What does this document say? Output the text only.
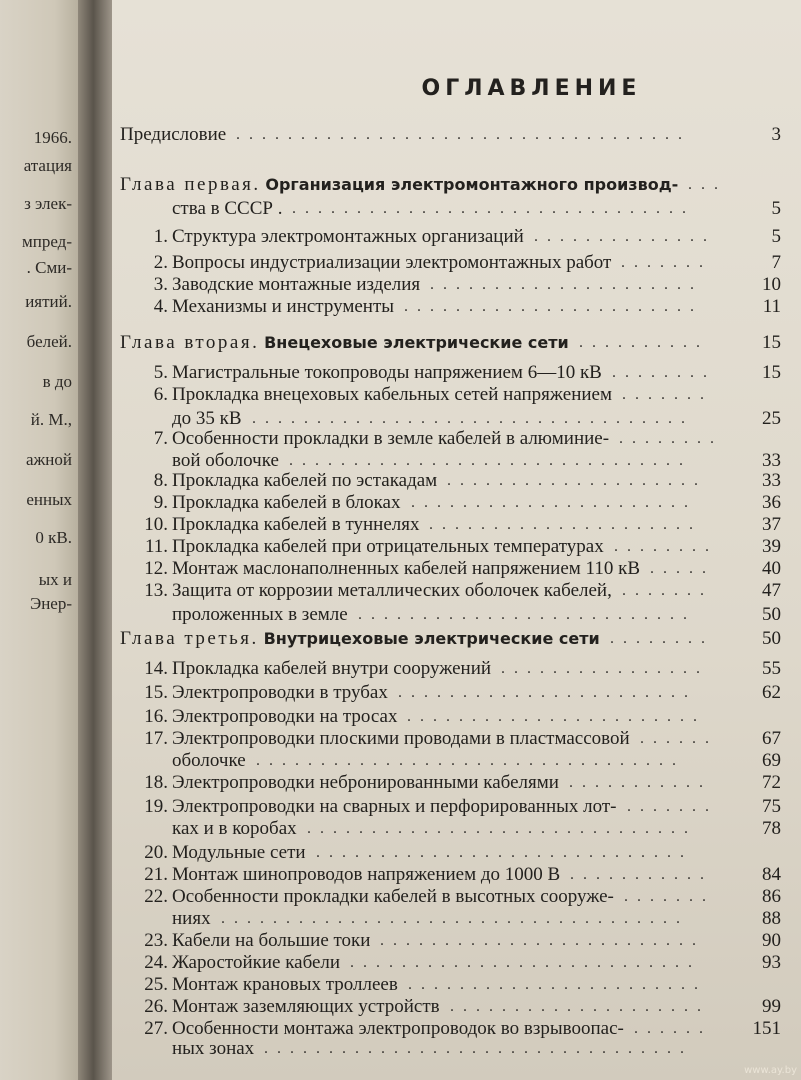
1966.
атация
з элек-
мпред-
. Сми-
иятий.
белей.
в до
й. М.,
ажной
енных
0 кВ.
ых и
Энер-
ОГЛАВЛЕНИЕ
Предисловие ...................................	3
Глава первая. Организация электромонтажного производ- ...
ства в СССР . ...............................	5
1. Структура электромонтажных организаций ..............	5
2. Вопросы индустриализации электромонтажных работ .......	7
3. Заводские монтажные изделия .....................	10
4. Механизмы и инструменты .......................	11
Глава вторая. Внецеховые электрические сети ..........	15
5. Магистральные токопроводы напряжением 6—10 кВ ........	15
6. Прокладка внецеховых кабельных сетей напряжением .......
до 35 кВ ..................................	25
7. Особенности прокладки в земле кабелей в алюминие- ........
вой оболочке ...............................	33
8. Прокладка кабелей по эстакадам ....................	33
9. Прокладка кабелей в блоках ......................	36
10. Прокладка кабелей в туннелях .....................	37
11. Прокладка кабелей при отрицательных температурах ........	39
12. Монтаж маслонаполненных кабелей напряжением 110 кВ .....	40
13. Защита от коррозии металлических оболочек кабелей, .......	47
проложенных в земле ..........................	50
Глава третья. Внутрицеховые электрические сети ........	50
14. Прокладка кабелей внутри сооружений ................	55
15. Электропроводки в трубах .......................	62
16. Электропроводки на тросах .......................
17. Электропроводки плоскими проводами в пластмассовой ......	67
оболочке .................................	69
18. Электропроводки небронированными кабелями ...........	72
19. Электропроводки на сварных и перфорированных лот- .......	75
ках и в коробах ..............................	78
20. Модульные сети .............................
21. Монтаж шинопроводов напряжением до 1000 В ...........	84
22. Особенности прокладки кабелей в высотных сооруже- .......	86
ниях ....................................	88
23. Кабели на большие токи .........................	90
24. Жаростойкие кабели ...........................	93
25. Монтаж крановых троллеев .......................
26. Монтаж заземляющих устройств ....................	99
27. Особенности монтажа электропроводок во взрывоопас- ......	151
ных зонах .................................
www.ay.by
